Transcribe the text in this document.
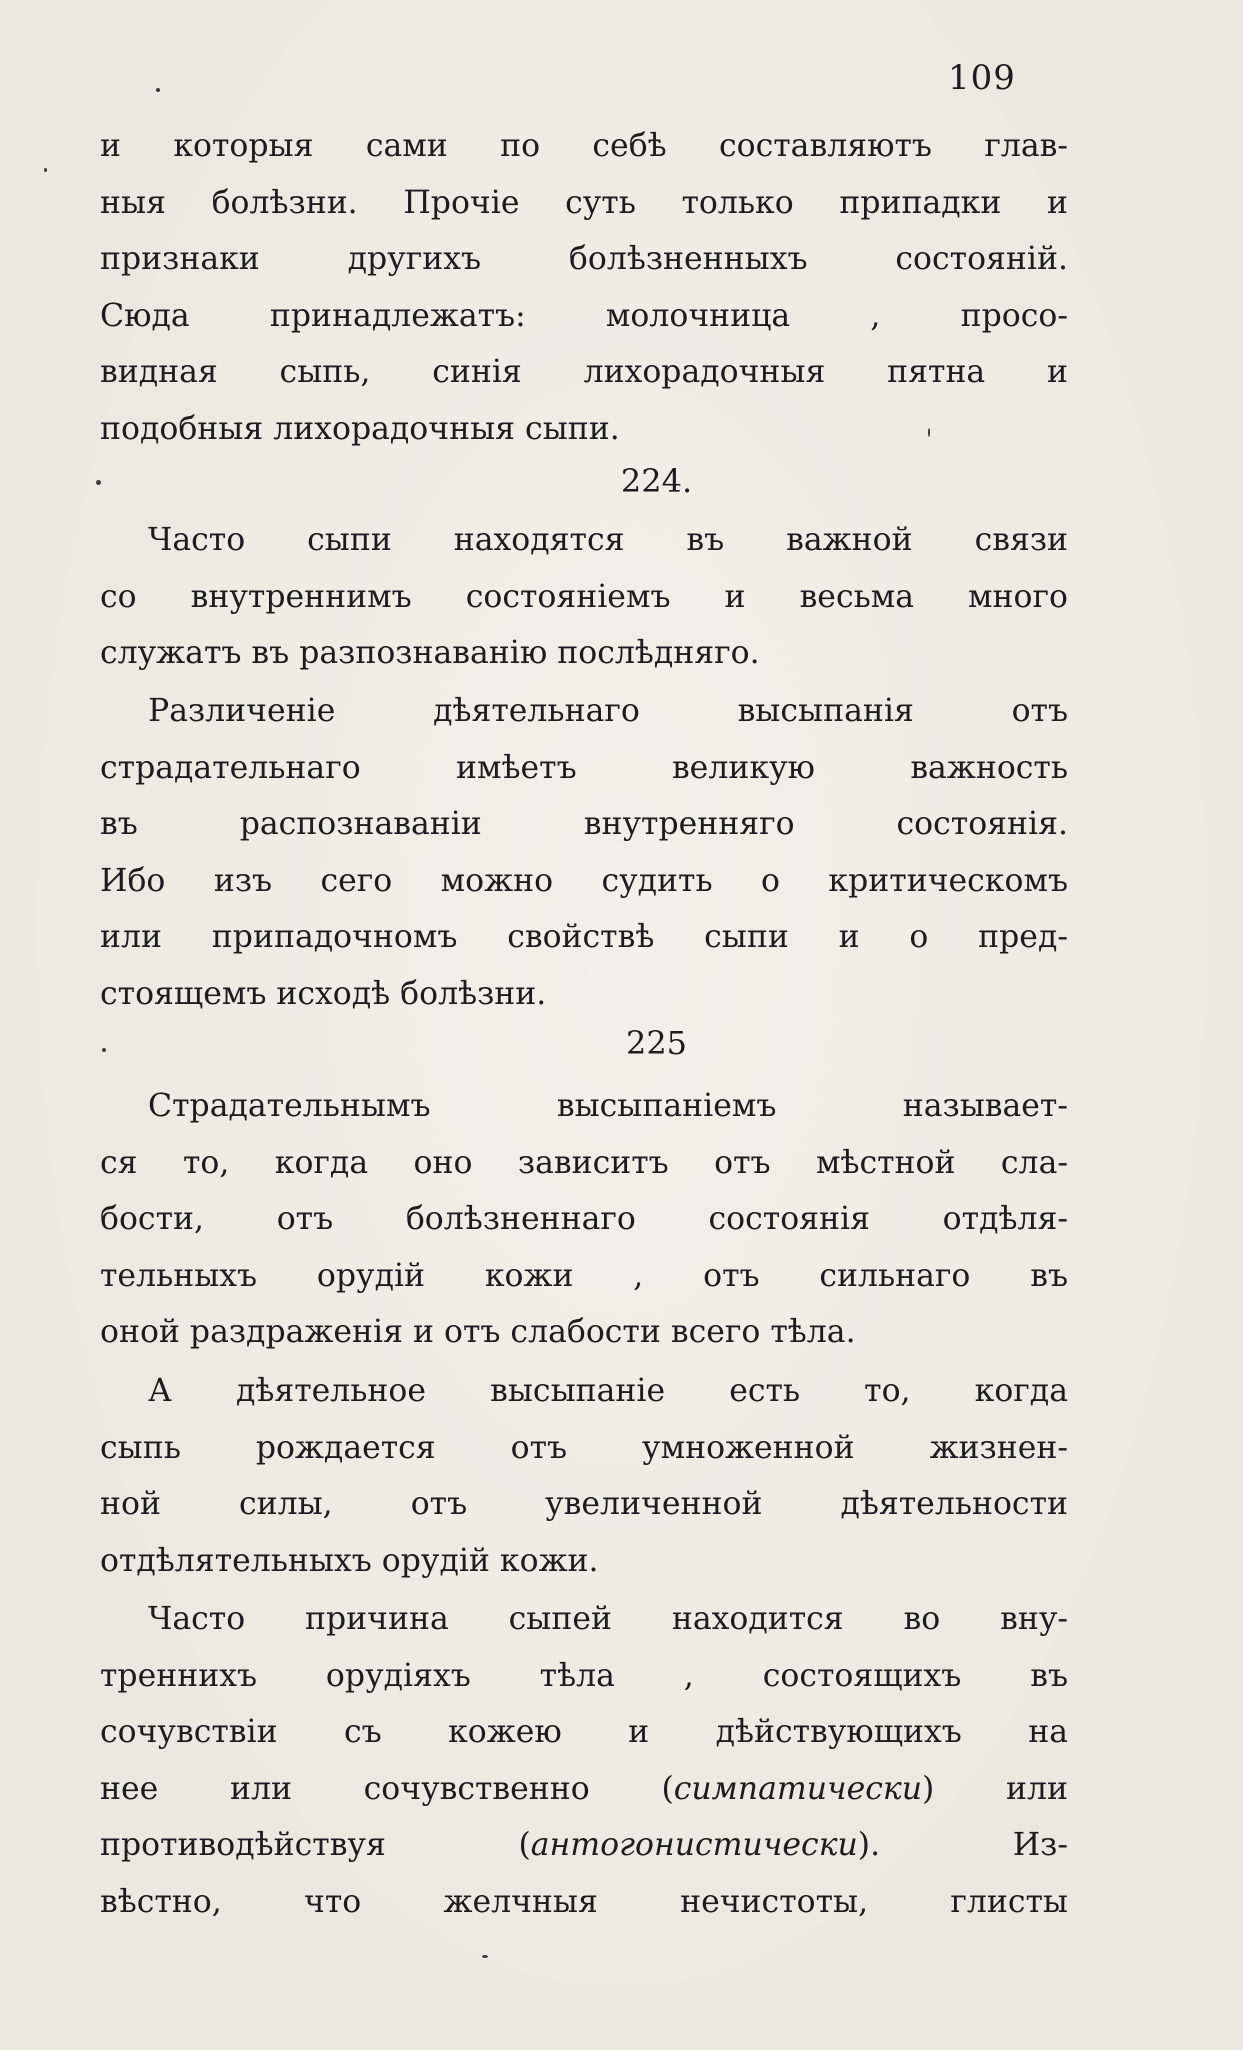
109
и которыя сами по себѣ составляютъ глав-
ныя болѣзни. Прочіе суть только припадки и
признаки другихъ болѣзненныхъ состояній.
Сюда принадлежатъ: молочница , просо-
видная сыпь, синія лихорадочныя пятна и
подобныя лихорадочныя сыпи.
224.
Часто сыпи находятся въ важной связи
со внутреннимъ состояніемъ и весьма много
служатъ въ разпознаванію послѣдняго.
Различеніе дѣятельнаго высыпанія отъ
страдательнаго имѣетъ великую важность
въ распознаваніи внутренняго состоянія.
Ибо изъ сего можно судить о критическомъ
или припадочномъ свойствѣ сыпи и о пред-
стоящемъ исходѣ болѣзни.
225
Страдательнымъ высыпаніемъ называет-
ся то, когда оно зависитъ отъ мѣстной сла-
бости, отъ болѣзненнаго состоянія отдѣля-
тельныхъ орудій кожи , отъ сильнаго въ
оной раздраженія и отъ слабости всего тѣла.
А дѣятельное высыпаніе есть то, когда
сыпь рождается отъ умноженной жизнен-
ной силы, отъ увеличенной дѣятельности
отдѣлятельныхъ орудій кожи.
Часто причина сыпей находится во вну-
треннихъ орудіяхъ тѣла , состоящихъ въ
сочувствіи съ кожею и дѣйствующихъ на
нее или сочувственно (симпатически) или
противодѣйствуя (антогонистически). Из-
вѣстно, что желчныя нечистоты, глисты
